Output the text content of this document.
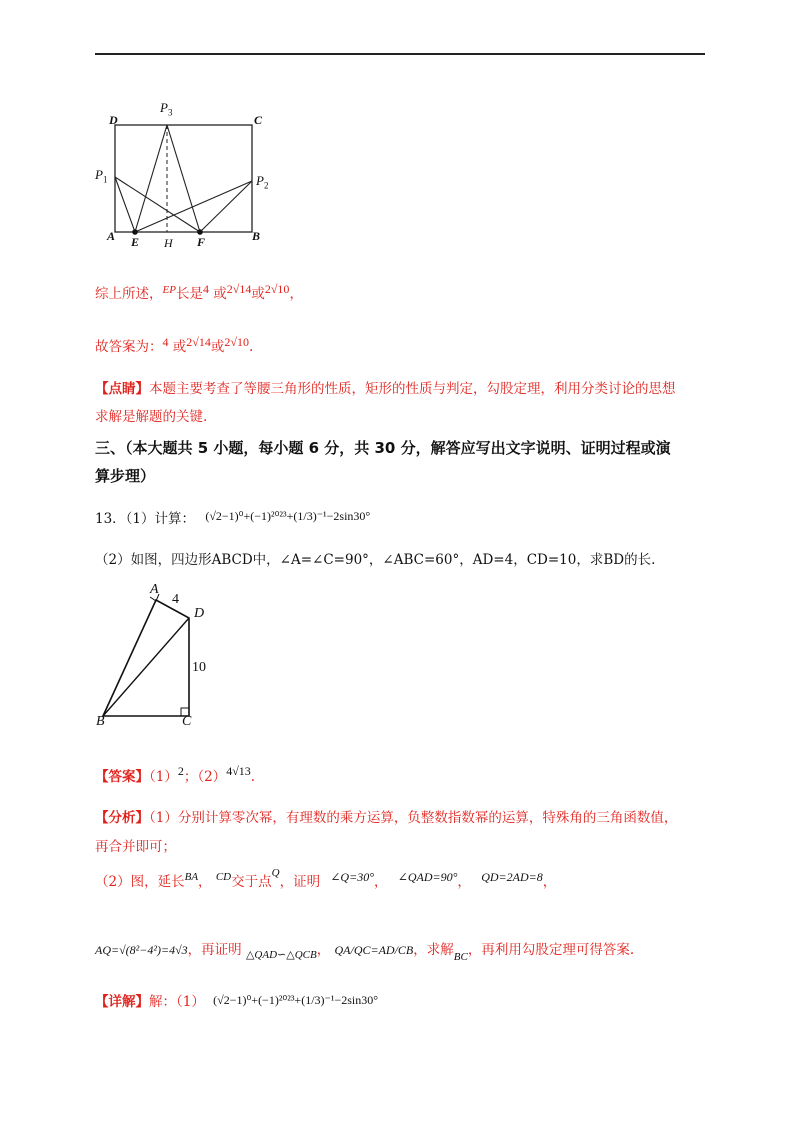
D	C
$P_3$
$P_1$	$P_2$
A E H F	B
综上所述，$^{EP}$长是4 或2√14或2√10，
故答案为：4 或2√14或2√10.
【点睛】本题主要考查了等腰三角形的性质，矩形的性质与判定，勾股定理，利用分类讨论的思想
求解是解题的关键.
三、（本大题共 5 小题，每小题 6 分，共 30 分，解答应写出文字说明、证明过程或演
算步理）
13．（1）计算： (√2−1)⁰+(−1)²⁰²³+(1/3)⁻¹−2sin30°
（2）如图，四边形ABCD中，∠A=∠C=90°，∠ABC=60°，AD=4，CD=10，求BD的长.
A
4
D
10
B	C
【答案】（1）2；（2）4√13.
【分析】（1）分别计算零次幂，有理数的乘方运算，负整数指数幂的运算，特殊角的三角函数值，
再合并即可；
（2）图，延长$^{BA}$， $^{CD}$交于点$^Q$，证明 ∠Q=30°， ∠QAD=90°， QD=2AD=8，
AQ=√(8²−4²)=4√3，再证明 $_{\triangle QAD∽\triangle QCB}$， QA/QC=AD/CB，求解$_{BC}$，再利用勾股定理可得答案.
【详解】解：（1） (√2−1)⁰+(−1)²⁰²³+(1/3)⁻¹−2sin30°
